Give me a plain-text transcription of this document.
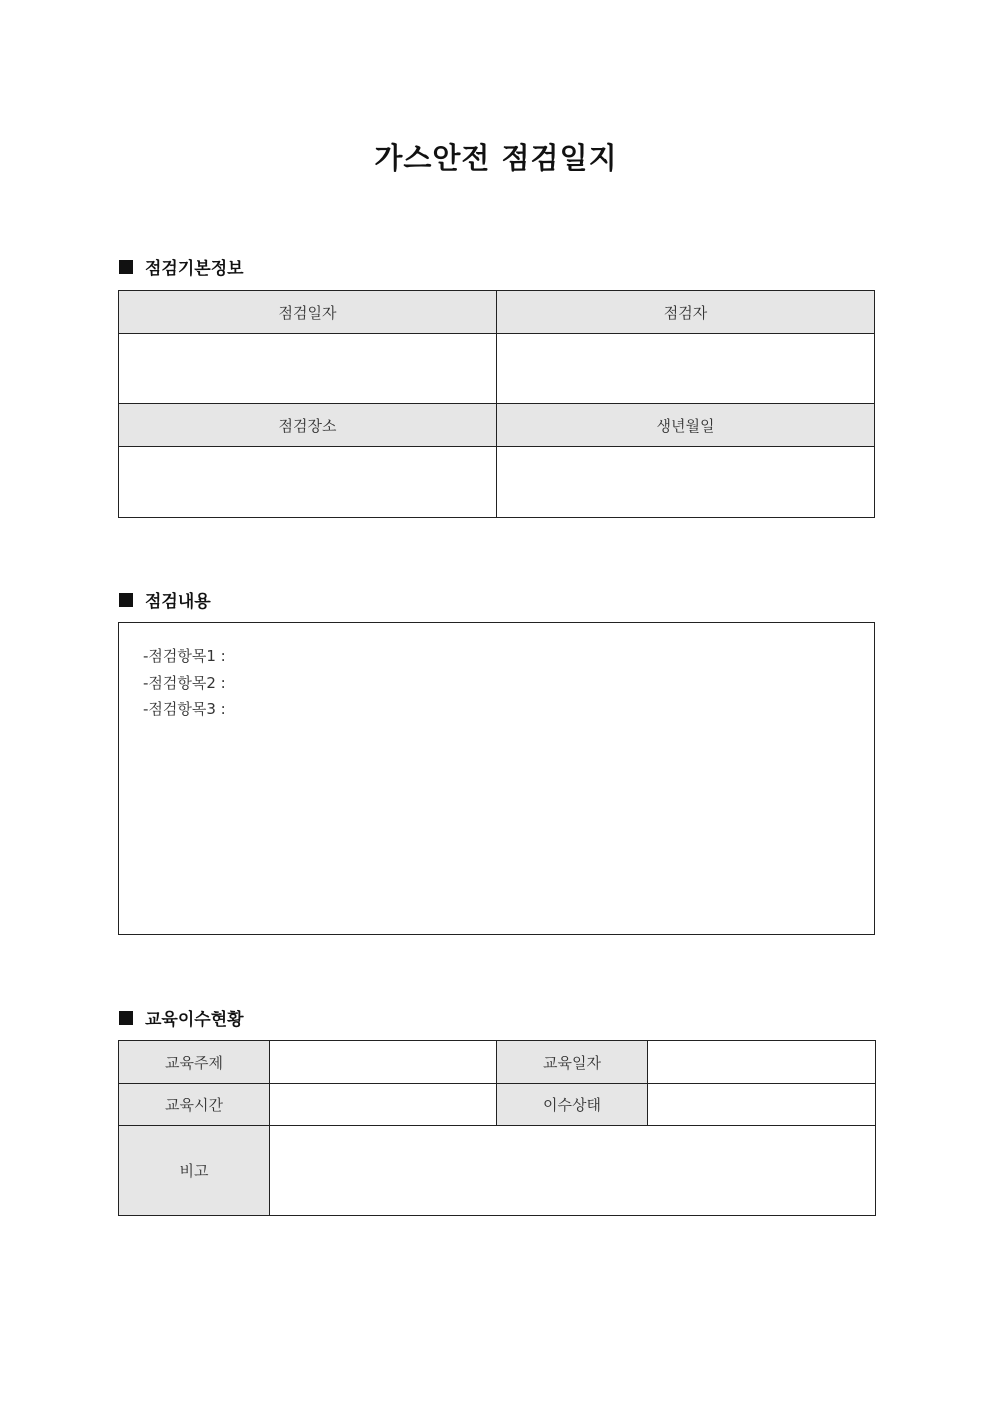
가스안전 점검일지
점검기본정보
점검일자	점검자

점검장소	생년월일

점검내용
-점검항목1 :
-점검항목2 :
-점검항목3 :
교육이수현황
교육주제		교육일자	
교육시간		이수상태	
비고			
